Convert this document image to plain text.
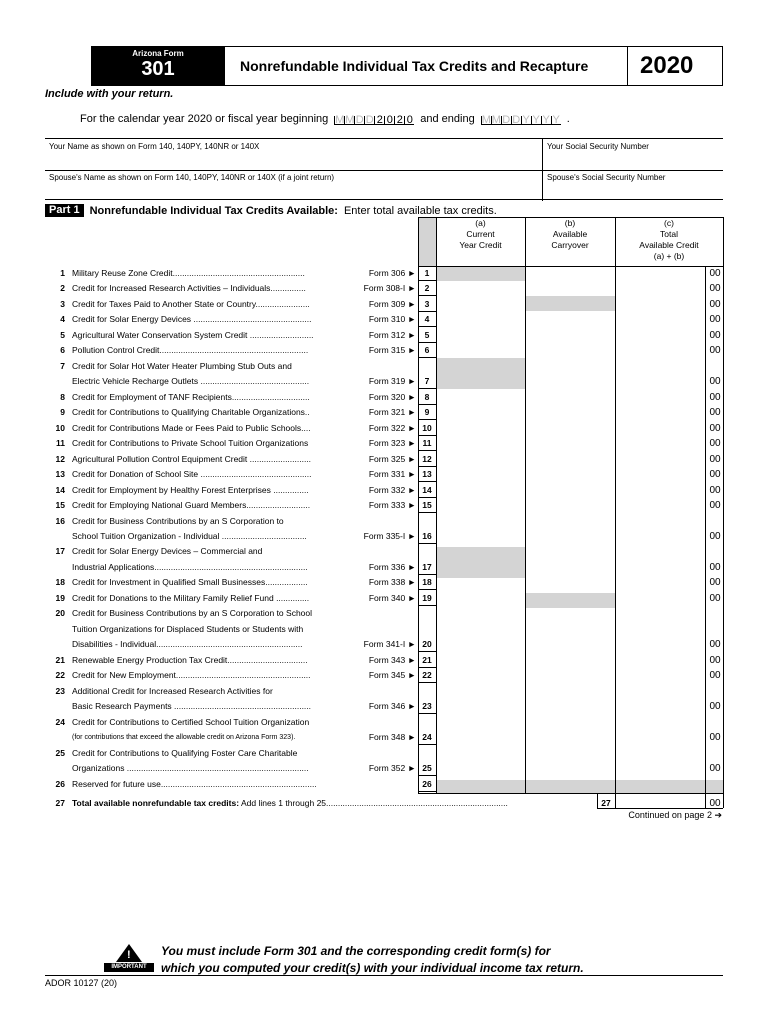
Arizona Form
301	Nonrefundable Individual Tax Credits and Recapture 2020
Include with your return.
For the calendar year 2020 or fiscal year beginning M M D D 2 0 2 0 and ending M M D D Y Y Y Y .
Your Name as shown on Form 140, 140PY, 140NR or 140X	Your Social Security Number
Spouse's Name as shown on Form 140, 140PY, 140NR or 140X (if a joint return)	Spouse's Social Security Number
Part 1 Nonrefundable Individual Tax Credits Available: Enter total available tax credits.
(a)
Current
Year Credit
(b)
Available
Carryover
(c)
Total
Available Credit
(a) + (b)
1 Military Reuse Zone Credit........................................................	Form 306 ►	1	00
2 Credit for Increased Research Activities – Individuals...............	Form 308-I ►	2	00
3 Credit for Taxes Paid to Another State or Country.......................	Form 309 ►	3	00
4 Credit for Solar Energy Devices ..................................................	Form 310 ►	4	00
5 Agricultural Water Conservation System Credit ...........................	Form 312 ►	5	00
6 Pollution Control Credit...............................................................	Form 315 ►	6	00
7 Credit for Solar Hot Water Heater Plumbing Stub Outs and
Electric Vehicle Recharge Outlets ..............................................	Form 319 ►	7	00
8 Credit for Employment of TANF Recipients.................................	Form 320 ►	8	00
9 Credit for Contributions to Qualifying Charitable Organizations..	Form 321 ►	9	00
10 Credit for Contributions Made or Fees Paid to Public Schools....	Form 322 ► 10	00
11 Credit for Contributions to Private School Tuition Organizations	Form 323 ► 11	00
12 Agricultural Pollution Control Equipment Credit ..........................	Form 325 ► 12	00
13 Credit for Donation of School Site ...............................................	Form 331 ► 13	00
14 Credit for Employment by Healthy Forest Enterprises ...............	Form 332 ► 14	00
15 Credit for Employing National Guard Members...........................	Form 333 ► 15	00
16 Credit for Business Contributions by an S Corporation to
School Tuition Organization - Individual ....................................	Form 335-I ► 16	00
17 Credit for Solar Energy Devices – Commercial and
Industrial Applications.................................................................	Form 336 ► 17	00
18 Credit for Investment in Qualified Small Businesses..................	Form 338 ► 18	00
19 Credit for Donations to the Military Family Relief Fund ..............	Form 340 ► 19	00
20 Credit for Business Contributions by an S Corporation to School
Tuition Organizations for Displaced Students or Students with
Disabilities - Individual..............................................................	Form 341-I ► 20	00
21 Renewable Energy Production Tax Credit..................................	Form 343 ► 21	00
22 Credit for New Employment.........................................................	Form 345 ► 22	00
23 Additional Credit for Increased Research Activities for
Basic Research Payments ..........................................................	Form 346 ► 23	00
24 Credit for Contributions to Certified School Tuition Organization
(for contributions that exceed the allowable credit on Arizona Form 323).	Form 348 ► 24	00
25 Credit for Contributions to Qualifying Foster Care Charitable
Organizations .............................................................................	Form 352 ► 25	00
26 Reserved for future use..................................................................	26
27 Total available nonrefundable tax credits: Add lines 1 through 25.............................................................................	27	00
Continued on page 2 ➔
!
IMPORTANT
You must include Form 301 and the corresponding credit form(s) for
which you computed your credit(s) with your individual income tax return.
ADOR 10127 (20)
